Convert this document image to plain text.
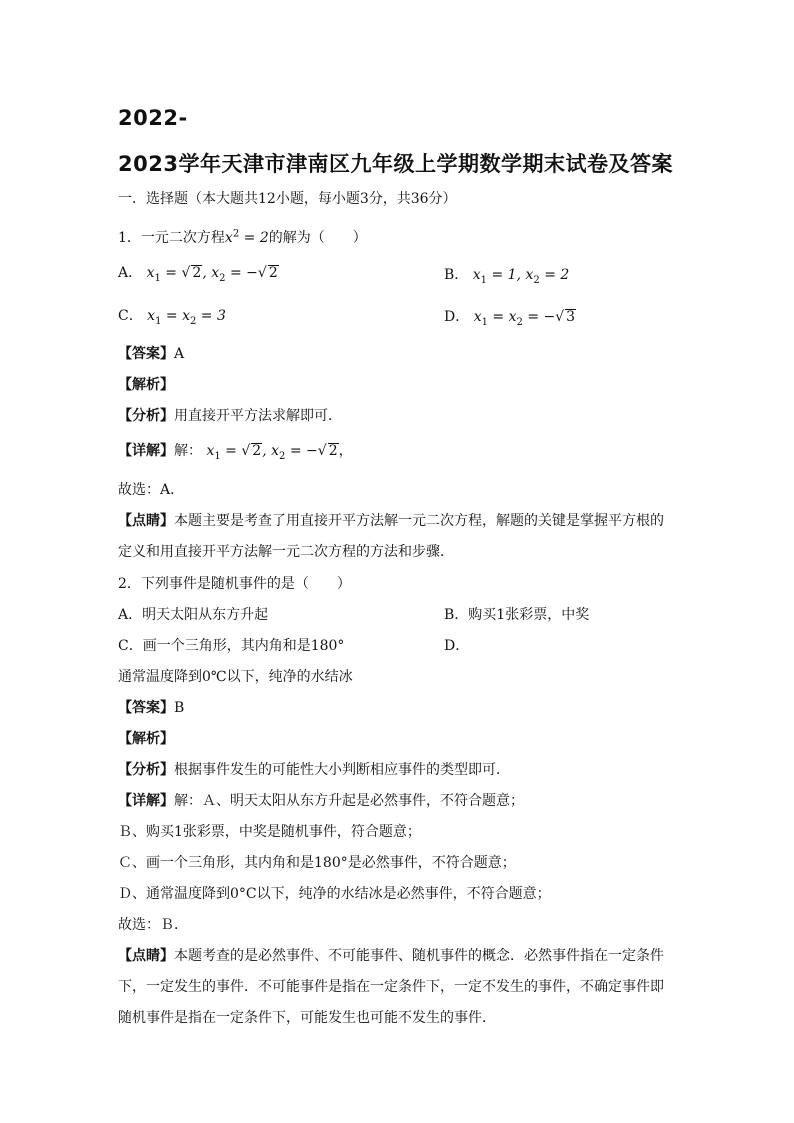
2022-
2023学年天津市津南区九年级上学期数学期末试卷及答案
一．选择题（本大题共12小题，每小题3分，共36分）
1．一元二次方程$x^2 = 2$的解为（　　）
A． $x_1$ = √ 2, $x_2$ = −√ 2	B． $x_1 = 1$, $x_2 = 2$
C． $x_1 = x_2 = 3$	D． $x_1 = x_2$ = −√ 3
【答案】A
【解析】
【分析】用直接开平方法求解即可．
【详解】解： $x_1$ = √ 2, $x_2$ = −√ 2，
故选：A．
【点睛】本题主要是考查了用直接开平方法解一元二次方程，解题的关键是掌握平方根的
定义和用直接开平方法解一元二次方程的方法和步骤．
2．下列事件是随机事件的是（　　）
A．明天太阳从东方升起	B．购买1张彩票，中奖
C．画一个三角形，其内角和是180°	D．
通常温度降到0℃以下，纯净的水结冰
【答案】B
【解析】
【分析】根据事件发生的可能性大小判断相应事件的类型即可．
【详解】解：Ａ、明天太阳从东方升起是必然事件，不符合题意；
Ｂ、购买1张彩票，中奖是随机事件，符合题意；
Ｃ、画一个三角形，其内角和是180°是必然事件，不符合题意；
Ｄ、通常温度降到0°C以下，纯净的水结冰是必然事件，不符合题意；
故选：Ｂ．
【点睛】本题考查的是必然事件、不可能事件、随机事件的概念．必然事件指在一定条件
下，一定发生的事件．不可能事件是指在一定条件下，一定不发生的事件，不确定事件即
随机事件是指在一定条件下，可能发生也可能不发生的事件．
